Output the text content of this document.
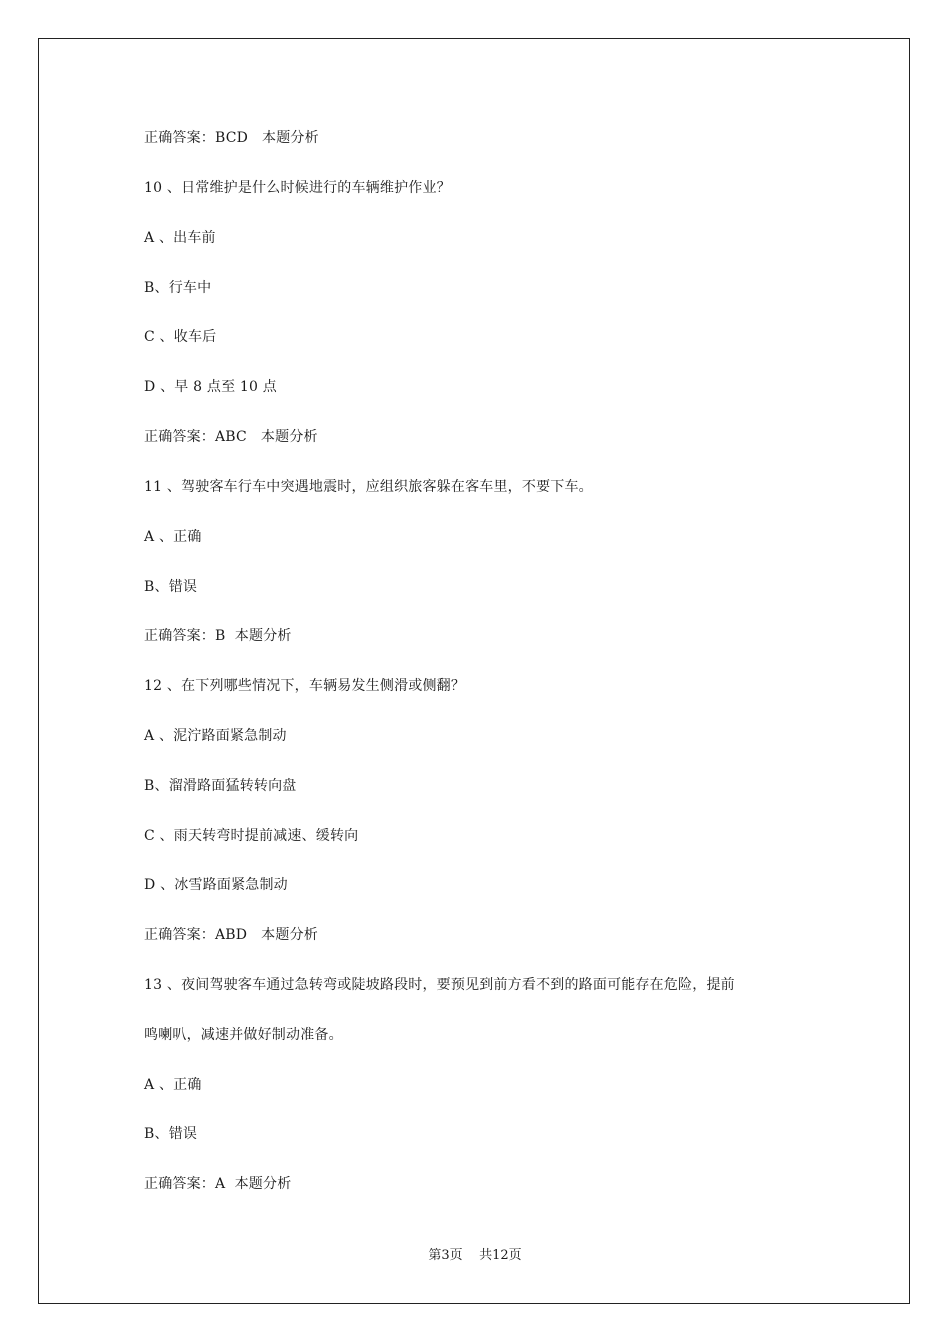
正确答案：BCD   本题分析
10 、日常维护是什么时候进行的车辆维护作业？
A 、出车前
B、行车中
C 、收车后
D 、早 8 点至 10 点
正确答案：ABC   本题分析
11 、驾驶客车行车中突遇地震时，应组织旅客躲在客车里，不要下车。
A 、正确
B、错误
正确答案：B  本题分析
12 、在下列哪些情况下，车辆易发生侧滑或侧翻？
A 、泥泞路面紧急制动
B、溜滑路面猛转转向盘
C 、雨天转弯时提前减速、缓转向
D 、冰雪路面紧急制动
正确答案：ABD   本题分析
13 、夜间驾驶客车通过急转弯或陡坡路段时，要预见到前方看不到的路面可能存在危险，提前
鸣喇叭，减速并做好制动准备。
A 、正确
B、错误
正确答案：A  本题分析
第3页    共12页
